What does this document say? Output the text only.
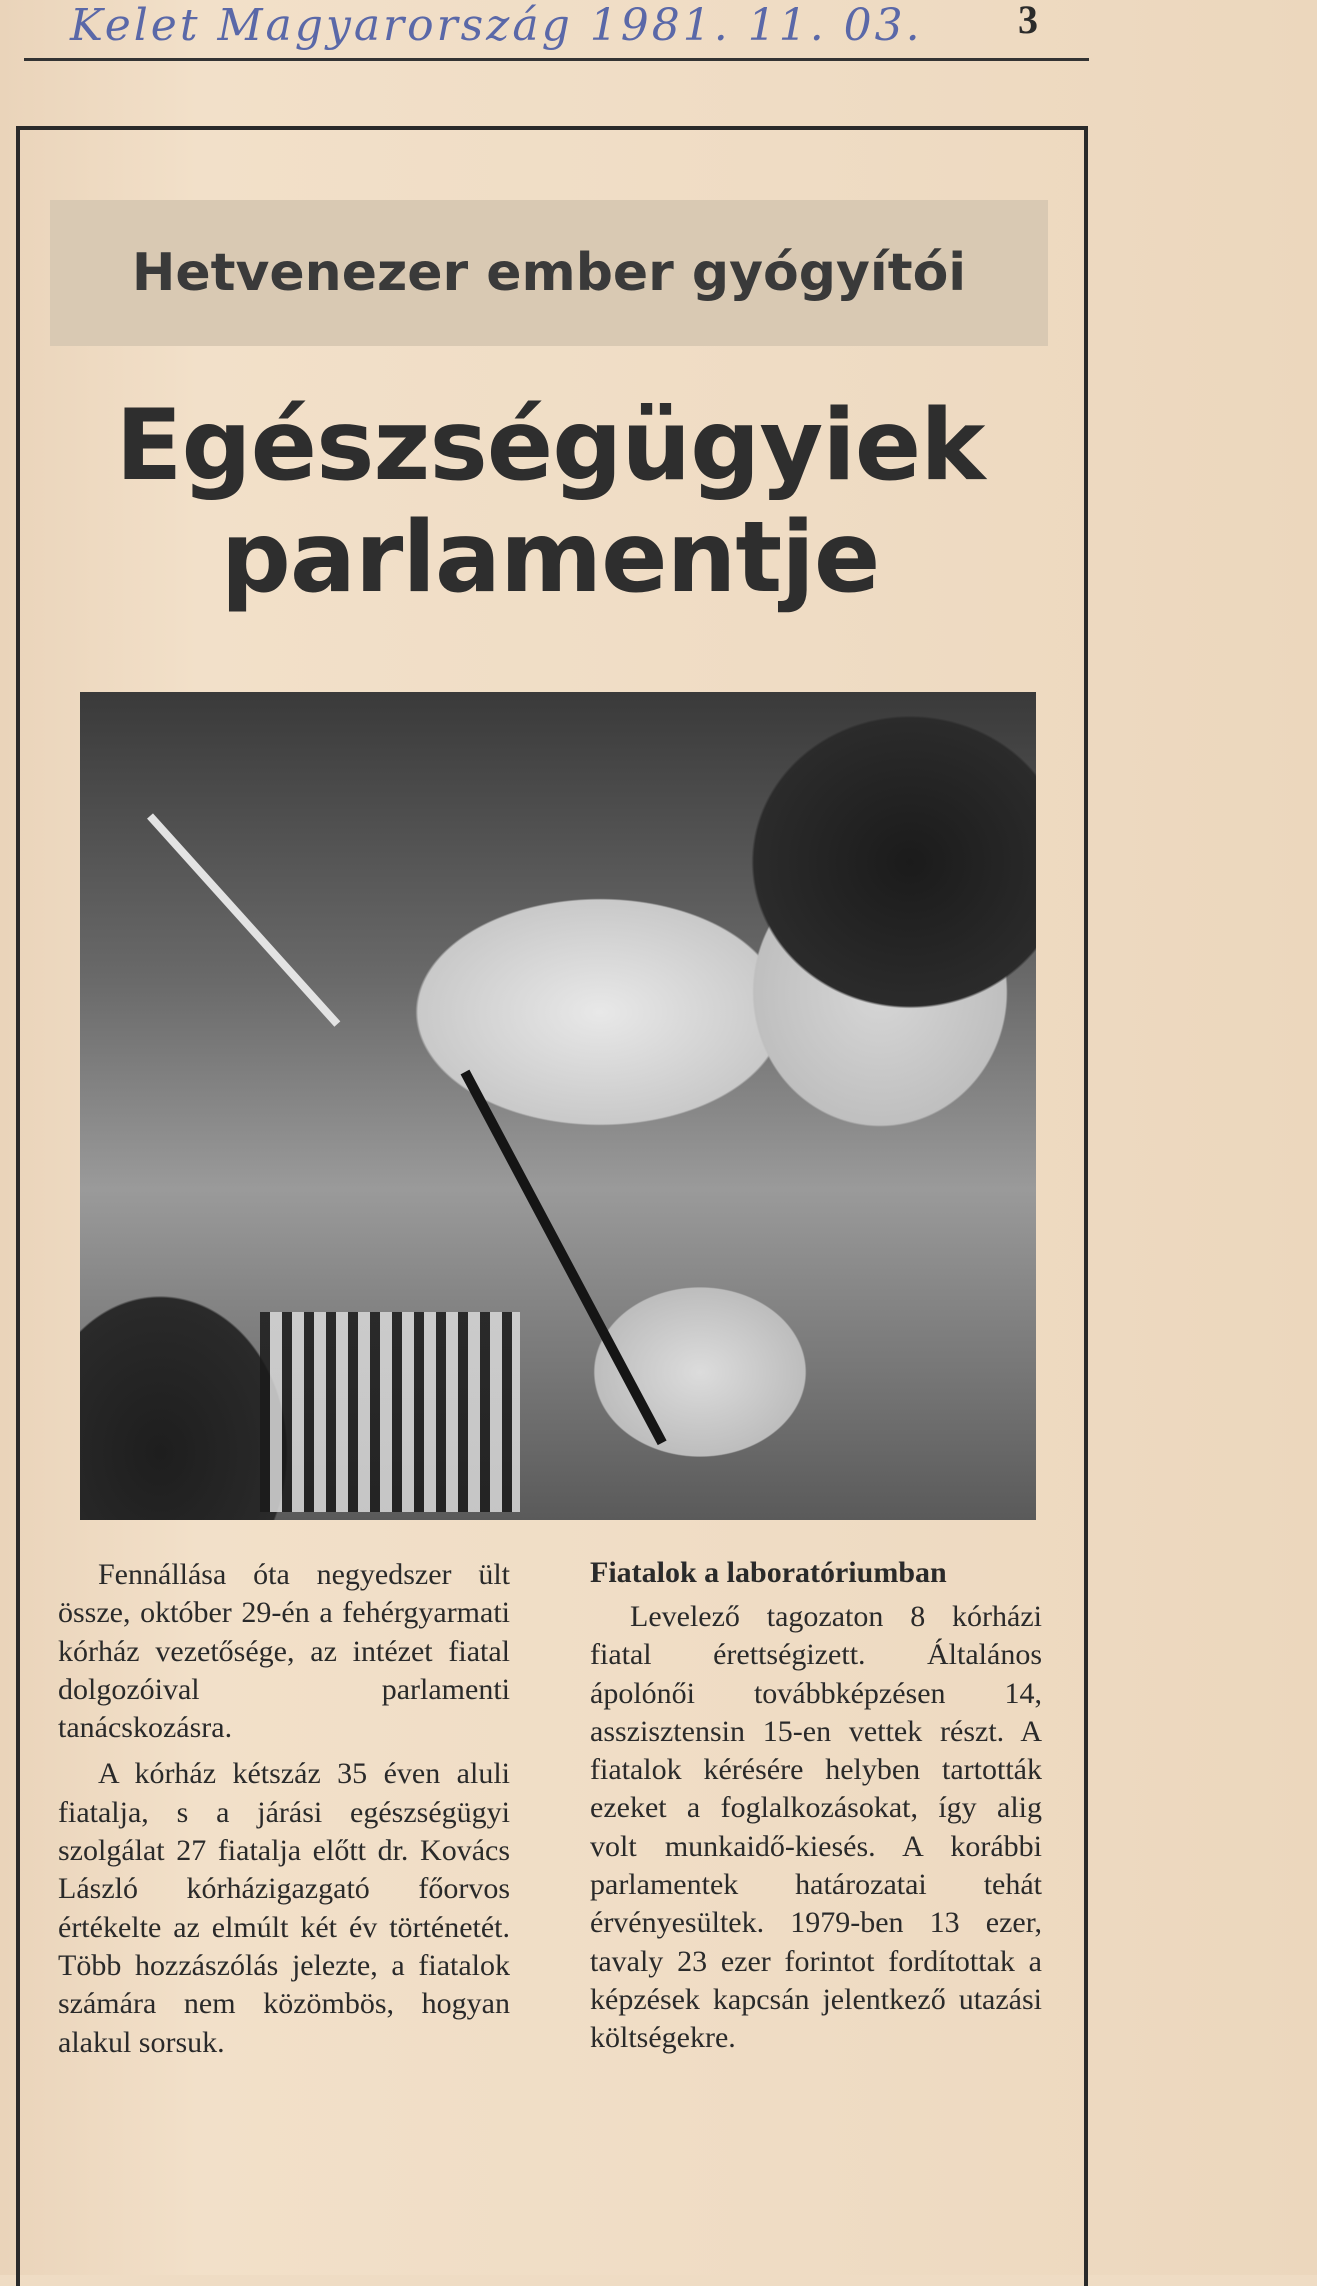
Kelet Magyarország 1981. 11. 03.	3
Hetvenezer ember gyógyítói
Egészségügyiek parlamentje

Fennállása óta negyedszer ült össze, október 29-én a fehérgyarmati kórház vezetősége, az intézet fiatal dolgozóival parlamenti tanácskozásra.

A kórház kétszáz 35 éven aluli fiatalja, s a járási egészségügyi szolgálat 27 fiatalja előtt dr. Kovács László kórházigazgató főorvos értékelte az elmúlt két év történetét. Több hozzászólás jelezte, a fiatalok számára nem közömbös, hogyan alakul sorsuk.

Fiatalok a laboratóriumban

Levelező tagozaton 8 kórházi fiatal érettségizett. Általános ápolónői továbbképzésen 14, asszisztensin 15-en vettek részt. A fiatalok kérésére helyben tartották ezeket a foglalkozásokat, így alig volt munkaidő-kiesés. A korábbi parlamentek határozatai tehát érvényesültek. 1979-ben 13 ezer, tavaly 23 ezer forintot fordítottak a képzések kapcsán jelentkező utazási költségekre.
